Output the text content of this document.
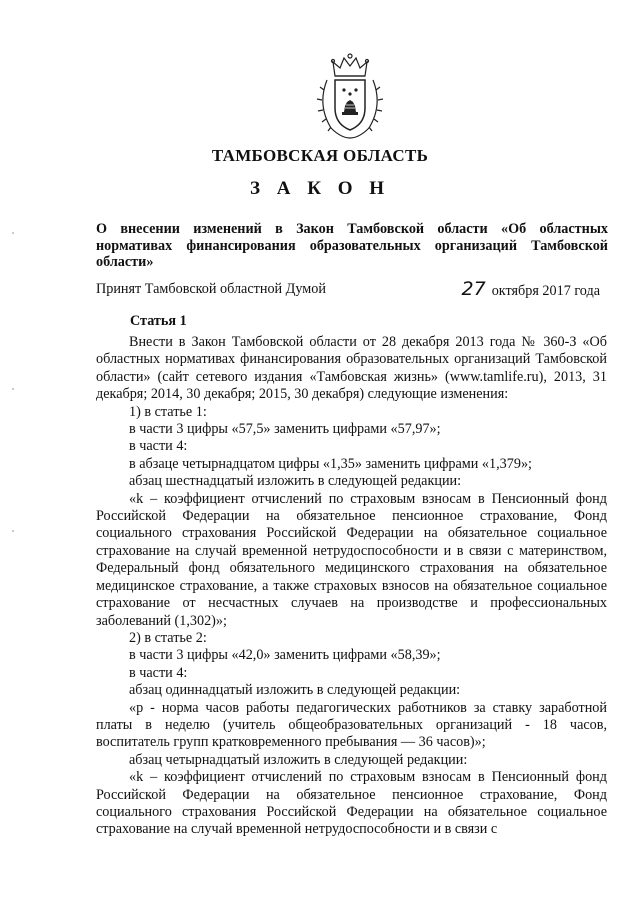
ТАМБОВСКАЯ ОБЛАСТЬ
З А К О Н
О внесении изменений в Закон Тамбовской области «Об областных нормативах финансирования образовательных организаций Тамбовской области»
Принят Тамбовской областной Думой	27 октября 2017 года
Статья 1

Внести в Закон Тамбовской области от 28 декабря 2013 года № 360-З «Об областных нормативах финансирования образовательных организаций Тамбовской области» (сайт сетевого издания «Тамбовская жизнь» (www.tamlife.ru), 2013, 31 декабря; 2014, 30 декабря; 2015, 30 декабря) следующие изменения:

1) в статье 1:

в части 3 цифры «57,5» заменить цифрами «57,97»;

в части 4:

в абзаце четырнадцатом цифры «1,35» заменить цифрами «1,379»;

абзац шестнадцатый изложить в следующей редакции:

«k – коэффициент отчислений по страховым взносам в Пенсионный фонд Российской Федерации на обязательное пенсионное страхование, Фонд социального страхования Российской Федерации на обязательное социальное страхование на случай временной нетрудоспособности и в связи с материнством, Федеральный фонд обязательного медицинского страхования на обязательное медицинское страхование, а также страховых взносов на обязательное социальное страхование от несчастных случаев на производстве и профессиональных заболеваний (1,302)»;

2) в статье 2:

в части 3 цифры «42,0» заменить цифрами «58,39»;

в части 4:

абзац одиннадцатый изложить в следующей редакции:

«p - норма часов работы педагогических работников за ставку заработной платы в неделю (учитель общеобразовательных организаций - 18 часов, воспитатель групп кратковременного пребывания — 36 часов)»;

абзац четырнадцатый изложить в следующей редакции:

«k – коэффициент отчислений по страховым взносам в Пенсионный фонд Российской Федерации на обязательное пенсионное страхование, Фонд социального страхования Российской Федерации на обязательное социальное страхование на случай временной нетрудоспособности и в связи с
